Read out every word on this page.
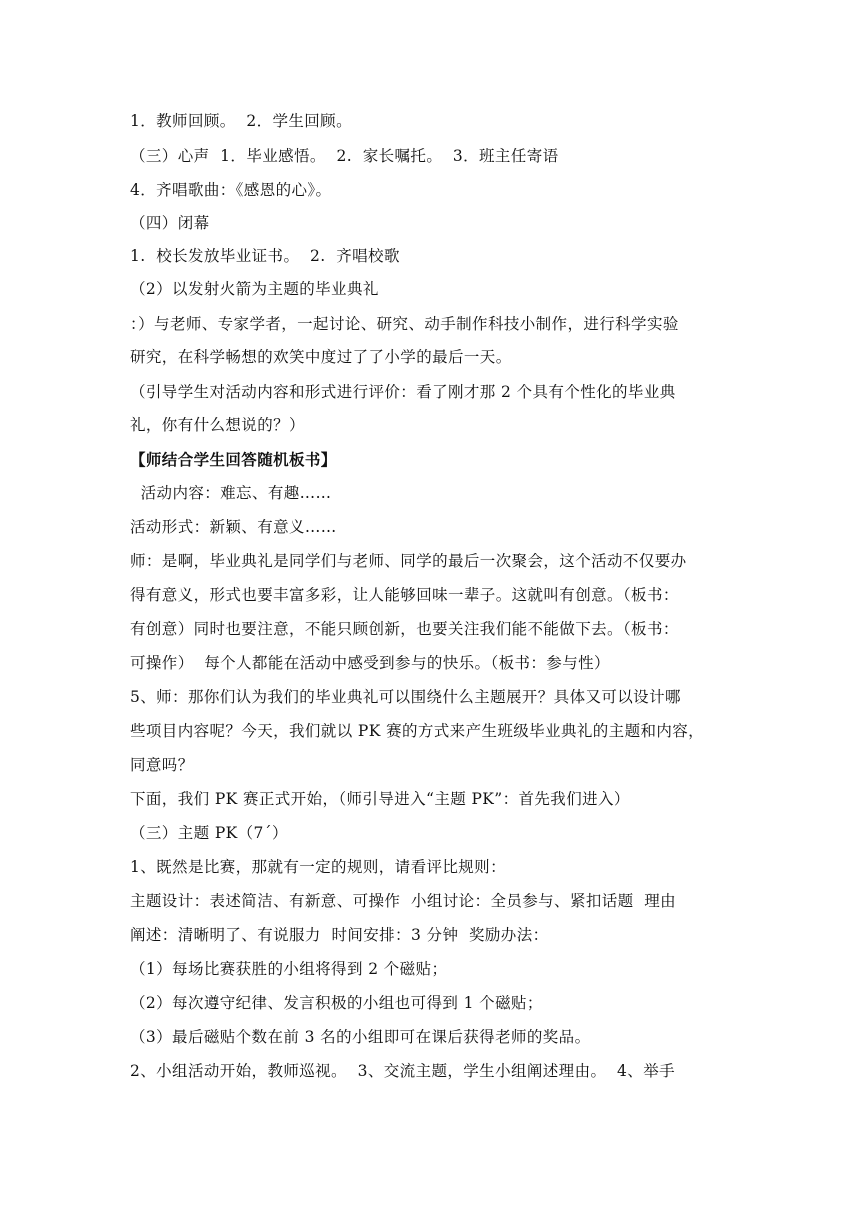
1．教师回顾。  2．学生回顾。

（三）心声  1．毕业感悟。  2.  家长嘱托。  3．班主任寄语

4．齐唱歌曲：《感恩的心》。

（四）闭幕

1.  校长发放毕业证书。  2.  齐唱校歌

（2）以发射火箭为主题的毕业典礼

：）与老师、专家学者，一起讨论、研究、动手制作科技小制作，进行科学实验

研究，在科学畅想的欢笑中度过了了小学的最后一天。

（引导学生对活动内容和形式进行评价：看了刚才那 2 个具有个性化的毕业典

礼，你有什么想说的？）

【师结合学生回答随机板书】

活动内容：难忘、有趣……

活动形式：新颖、有意义……

师：是啊，毕业典礼是同学们与老师、同学的最后一次聚会，这个活动不仅要办

得有意义，形式也要丰富多彩，让人能够回味一辈子。这就叫有创意。（板书：

有创意）同时也要注意，不能只顾创新，也要关注我们能不能做下去。（板书：

可操作）  每个人都能在活动中感受到参与的快乐。（板书：参与性）

5、师：那你们认为我们的毕业典礼可以围绕什么主题展开？具体又可以设计哪

些项目内容呢？今天，我们就以 PK 赛的方式来产生班级毕业典礼的主题和内容，

同意吗？

下面，我们 PK 赛正式开始，（师引导进入“主题 PK”：首先我们进入）

（三）主题 PK（7´）

1、既然是比赛，那就有一定的规则，请看评比规则：

主题设计：表述简洁、有新意、可操作  小组讨论：全员参与、紧扣话题  理由

阐述：清晰明了、有说服力  时间安排：3 分钟  奖励办法：

（1）每场比赛获胜的小组将得到 2 个磁贴；

（2）每次遵守纪律、发言积极的小组也可得到 1 个磁贴；

（3）最后磁贴个数在前 3 名的小组即可在课后获得老师的奖品。

2、小组活动开始，教师巡视。  3、交流主题，学生小组阐述理由。  4、举手
